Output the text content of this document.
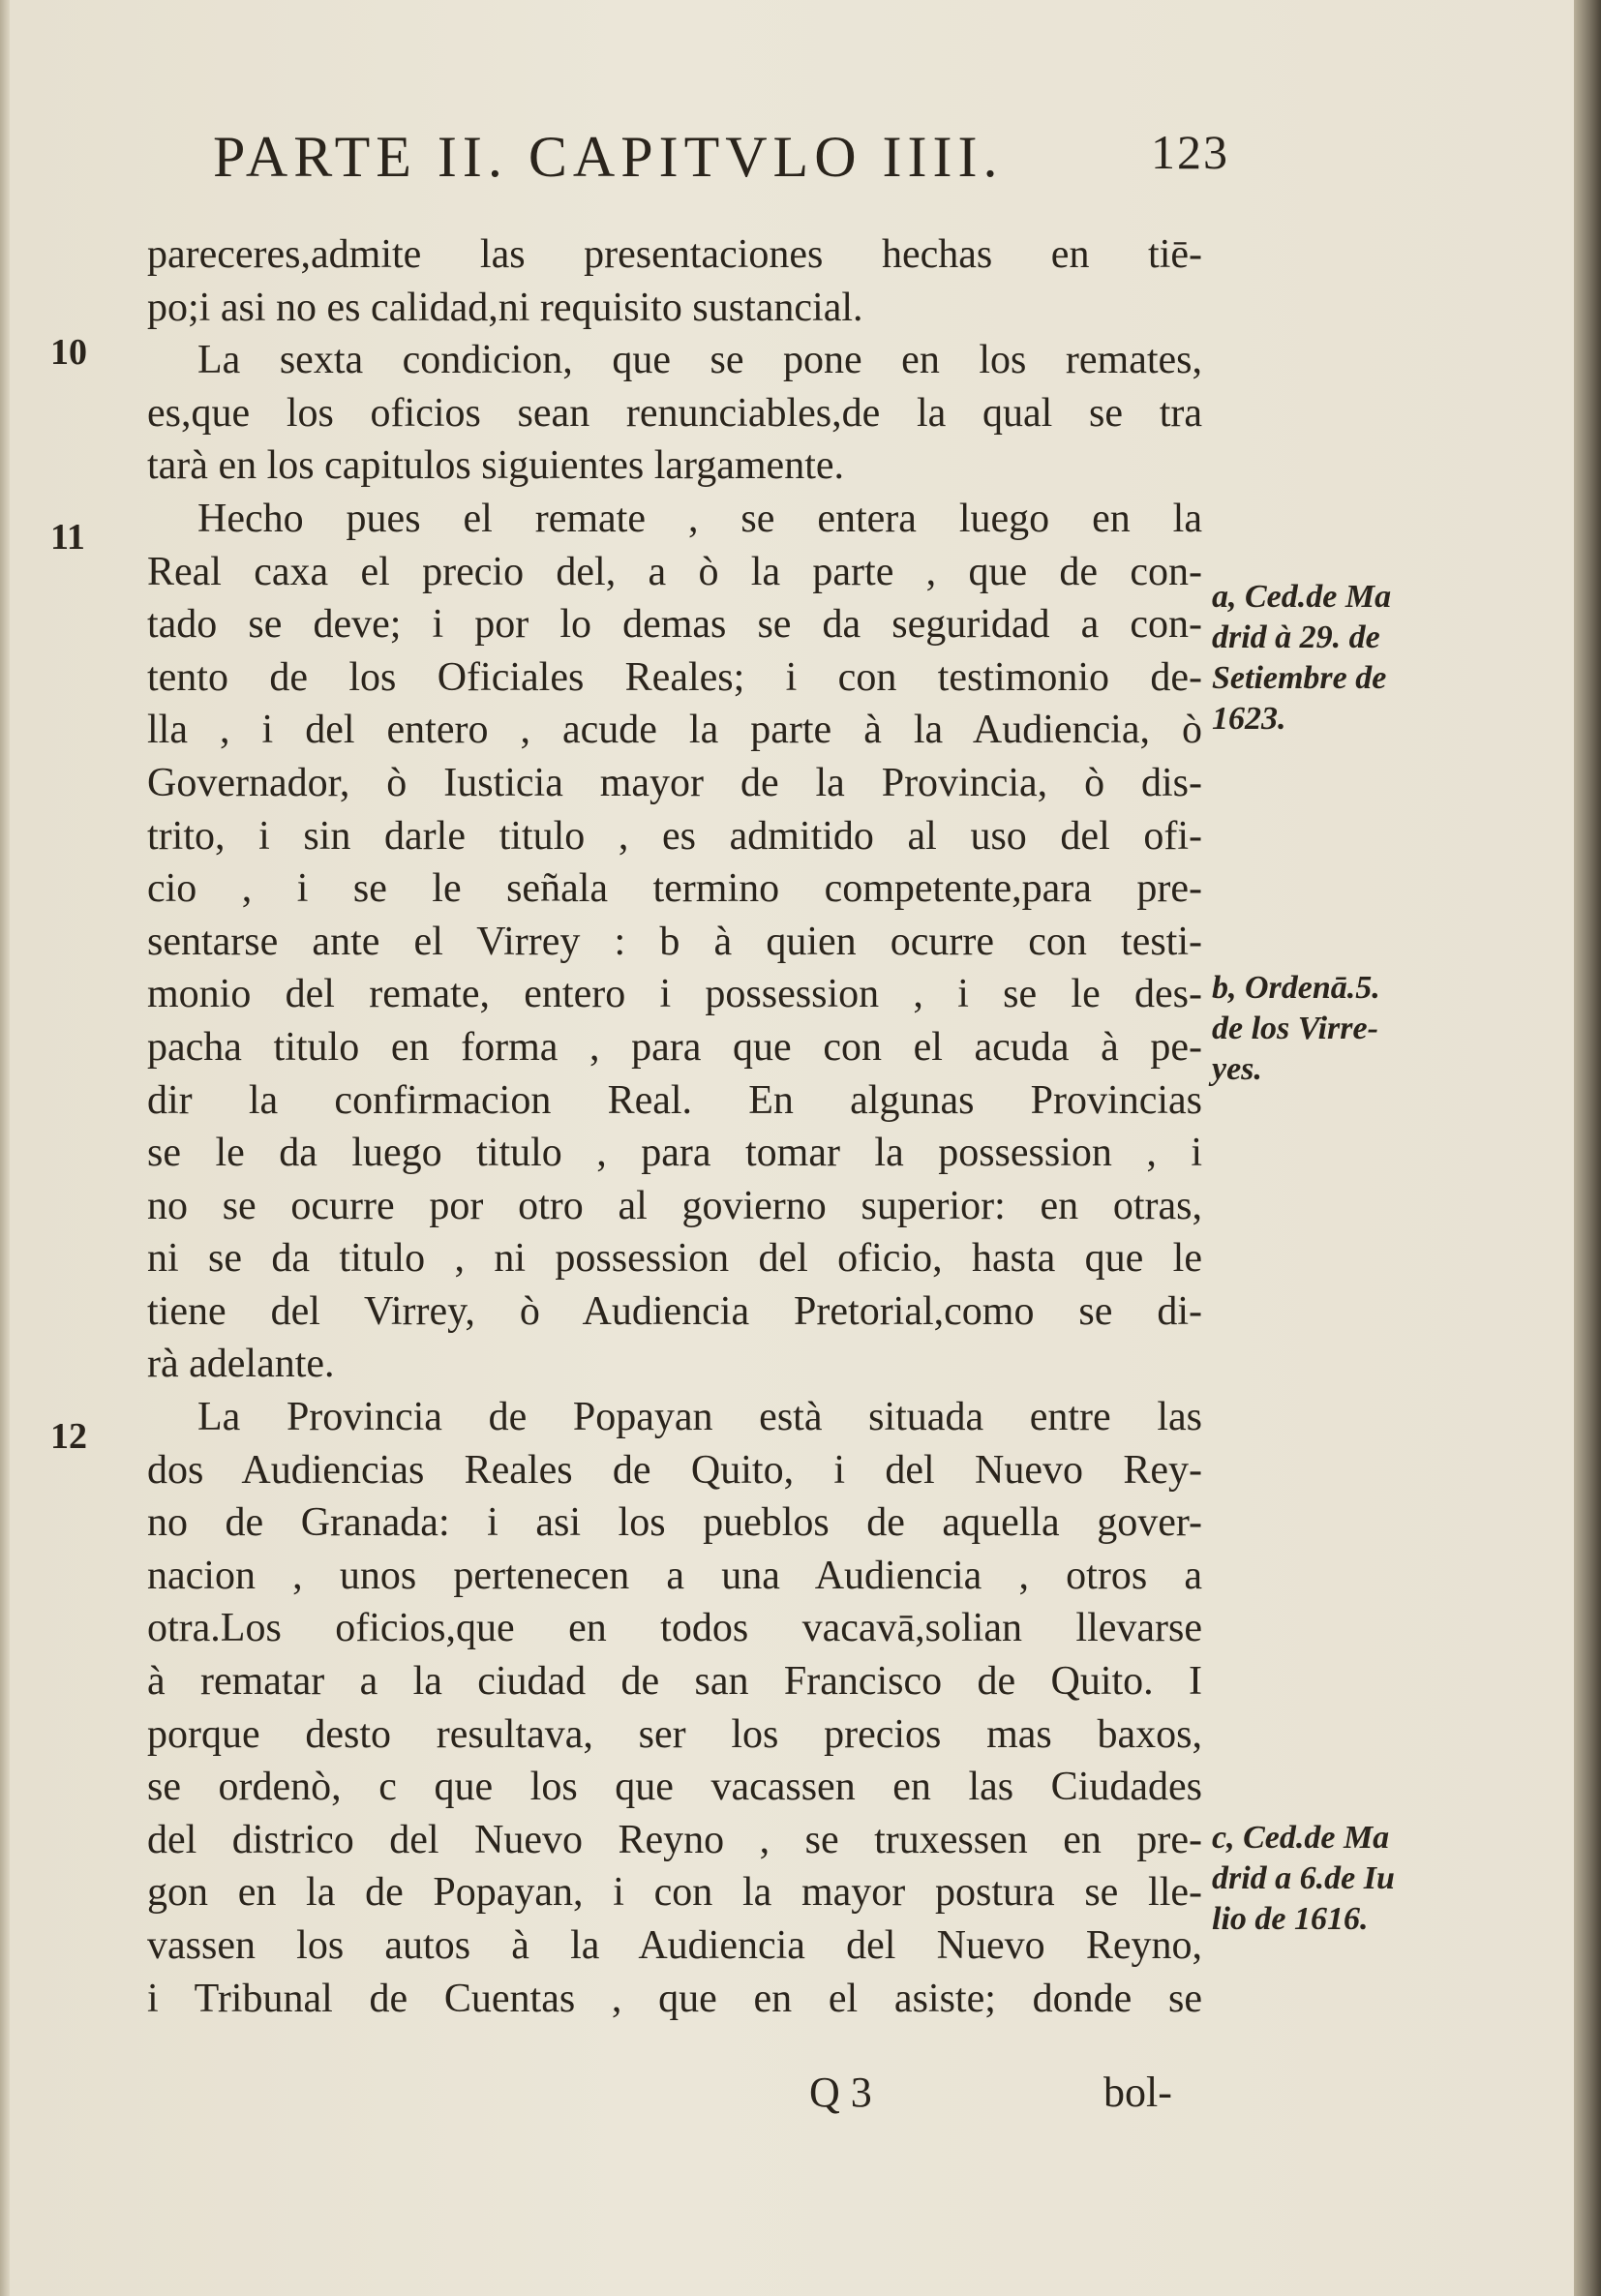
PARTE II. CAPITVLO IIII.	123
10
11
12
pareceres,admite las presentaciones hechas en tiē-
po;i asi no es calidad,ni requisito sustancial.
La sexta condicion, que se pone en los remates,
es,que los oficios sean renunciables,de la qual se tra
tarà en los capitulos siguientes largamente.
Hecho pues el remate , se entera luego en la
Real caxa el precio del, a ò la parte , que de con-
tado se deve; i por lo demas se da seguridad a con-
tento de los Oficiales Reales; i con testimonio de-
lla , i del entero , acude la parte à la Audiencia, ò
Governador, ò Iusticia mayor de la Provincia, ò dis-
trito, i sin darle titulo , es admitido al uso del ofi-
cio , i se le señala termino competente,para pre-
sentarse ante el Virrey : b à quien ocurre con testi-
monio del remate, entero i possession , i se le des-
pacha titulo en forma , para que con el acuda à pe-
dir la confirmacion Real. En algunas Provincias
se le da luego titulo , para tomar la possession , i
no se ocurre por otro al govierno superior: en otras,
ni se da titulo , ni possession del oficio, hasta que le
tiene del Virrey, ò Audiencia Pretorial,como se di-
rà adelante.
La Provincia de Popayan està situada entre las
dos Audiencias Reales de Quito, i del Nuevo Rey-
no de Granada: i asi los pueblos de aquella gover-
nacion , unos pertenecen a una Audiencia , otros a
otra.Los oficios,que en todos vacavā,solian llevarse
à rematar a la ciudad de san Francisco de Quito. I
porque desto resultava, ser los precios mas baxos,
se ordenò, c que los que vacassen en las Ciudades
del districo del Nuevo Reyno , se truxessen en pre-
gon en la de Popayan, i con la mayor postura se lle-
vassen los autos à la Audiencia del Nuevo Reyno,
i Tribunal de Cuentas , que en el asiste; donde se
a, Ced.de Ma
drid à 29. de
Setiembre de
1623.
b, Ordenā.5.
de los Virre-
yes.
c, Ced.de Ma
drid a 6.de Iu
lio de 1616.
Q 3	bol-
